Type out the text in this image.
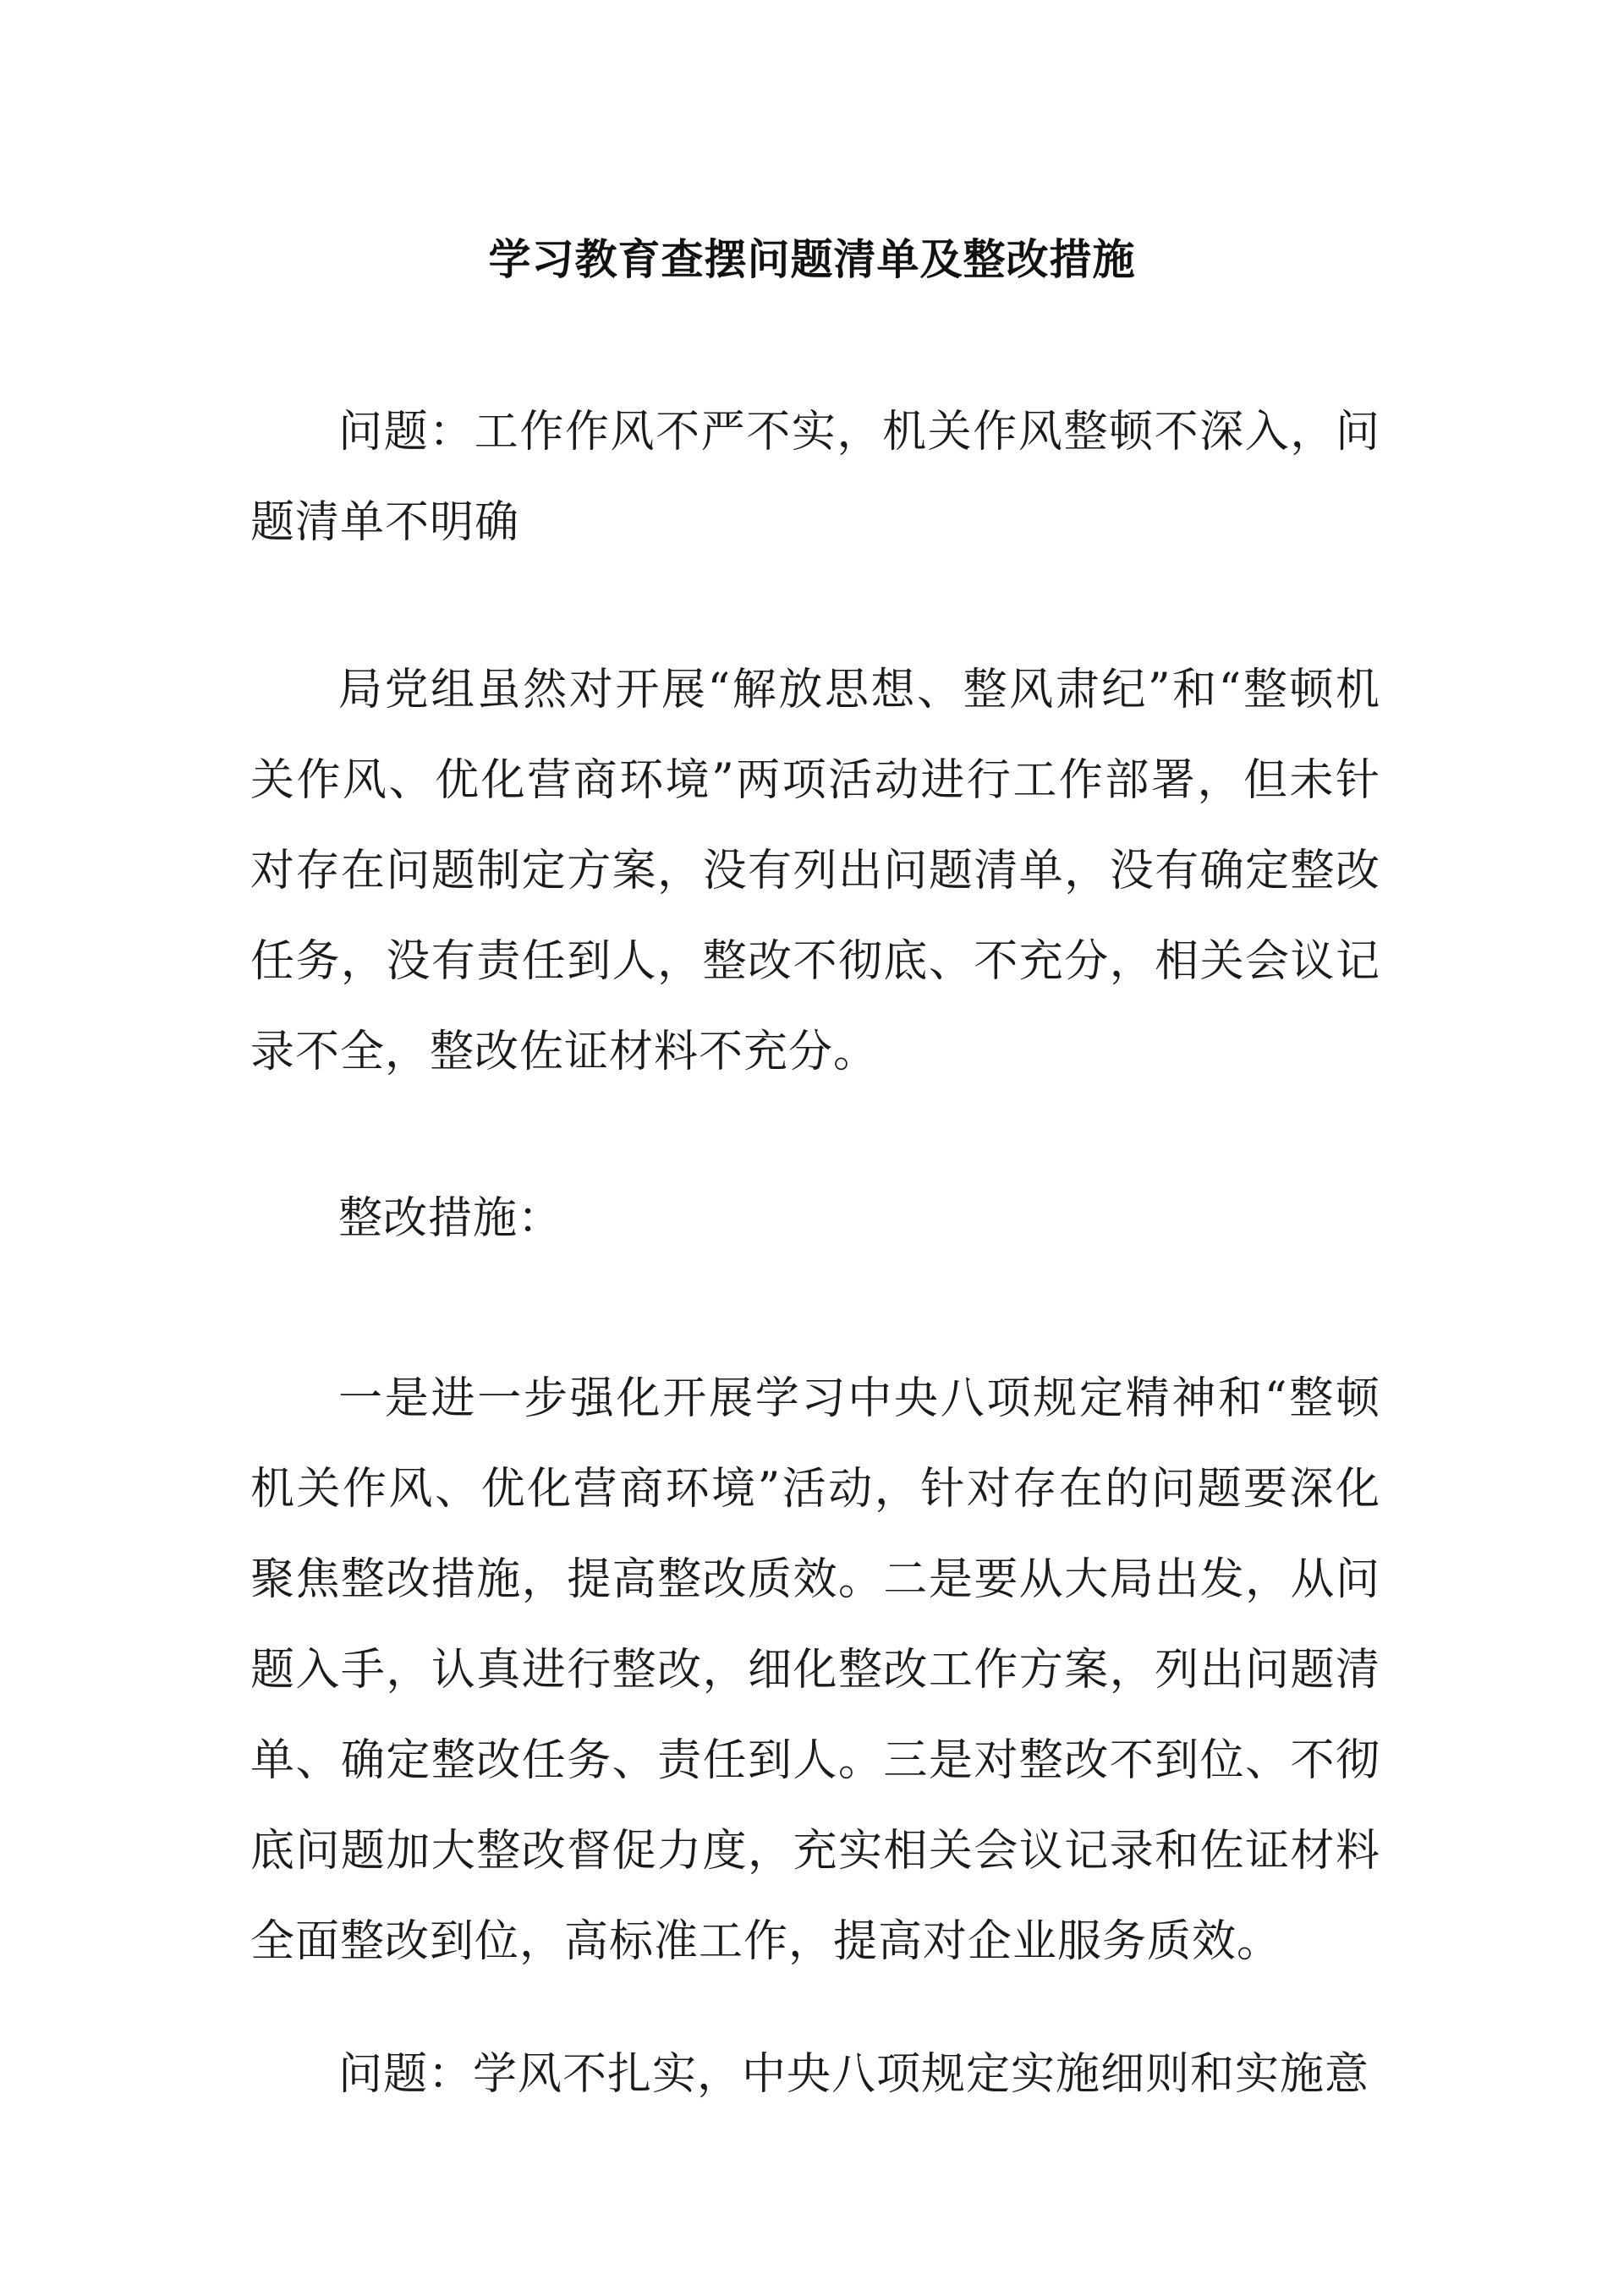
学习教育查摆问题清单及整改措施

问题：工作作风不严不实，机关作风整顿不深入，问题清单不明确

局党组虽然对开展“解放思想、整风肃纪”和“整顿机关作风、优化营商环境”两项活动进行工作部署，但未针对存在问题制定方案，没有列出问题清单，没有确定整改任务，没有责任到人，整改不彻底、不充分，相关会议记录不全，整改佐证材料不充分。

整改措施：

一是进一步强化开展学习中央八项规定精神和“整顿机关作风、优化营商环境”活动，针对存在的问题要深化聚焦整改措施，提高整改质效。二是要从大局出发，从问题入手，认真进行整改，细化整改工作方案，列出问题清单、确定整改任务、责任到人。三是对整改不到位、不彻底问题加大整改督促力度，充实相关会议记录和佐证材料全面整改到位，高标准工作，提高对企业服务质效。

问题：学风不扎实，中央八项规定实施细则和实施意
